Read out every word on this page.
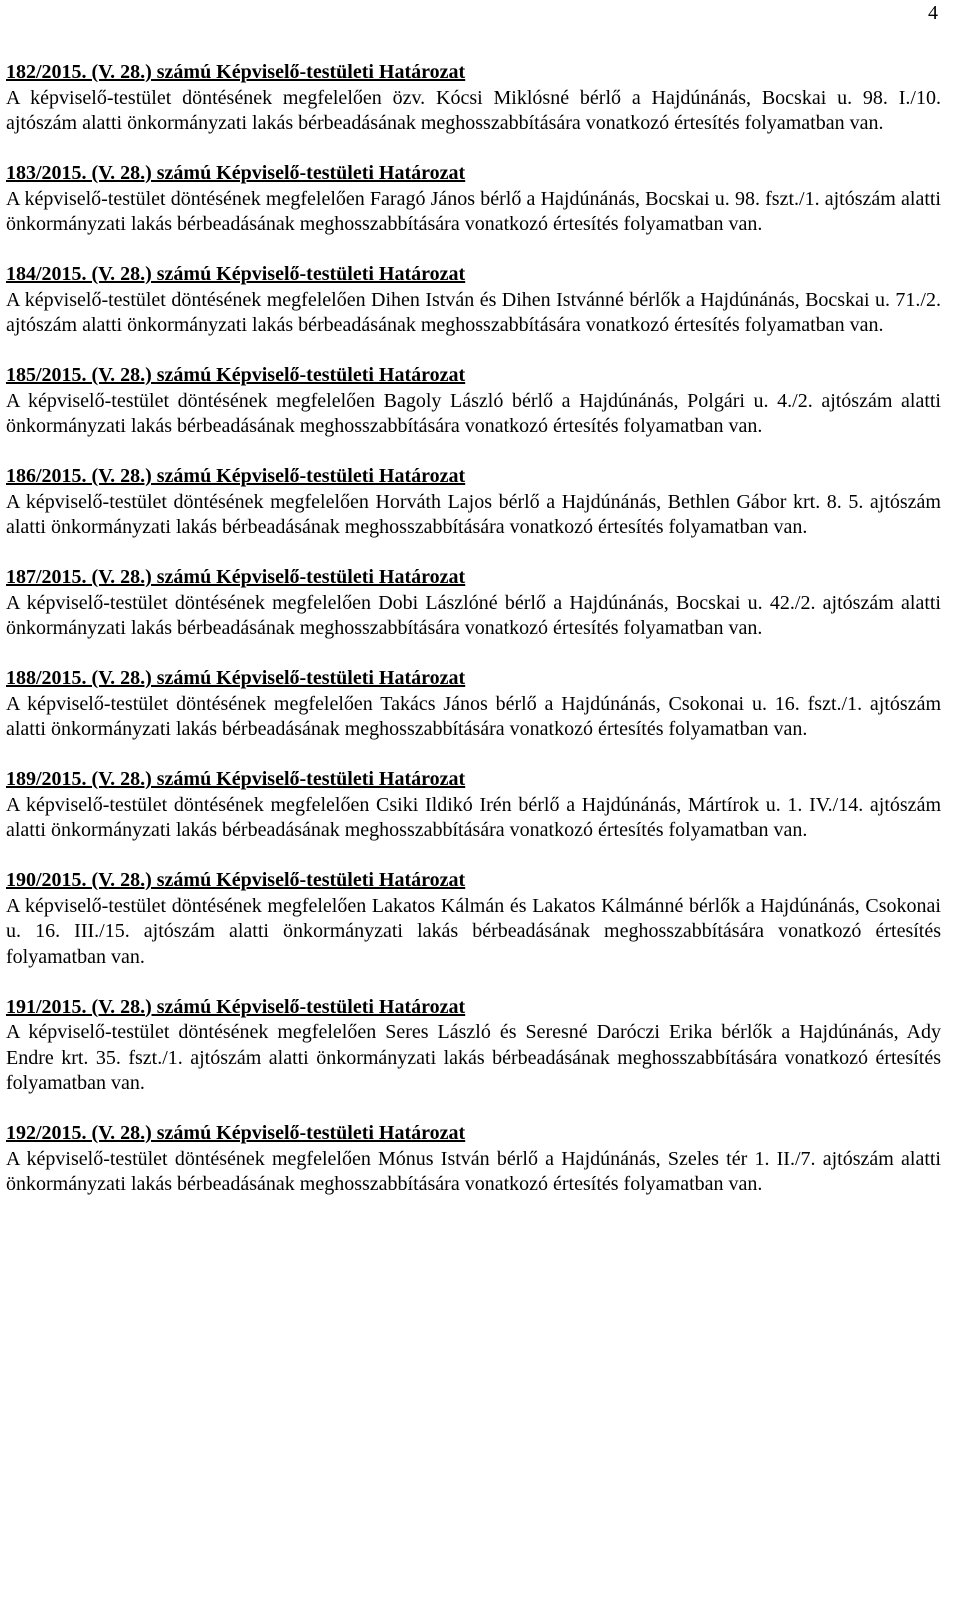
4

182/2015. (V. 28.) számú Képviselő-testületi Határozat

A képviselő-testület döntésének megfelelően özv. Kócsi Miklósné bérlő a Hajdúnánás, Bocskai u. 98. I./10. ajtószám alatti önkormányzati lakás bérbeadásának meghosszabbítására vonatkozó értesítés folyamatban van.

183/2015. (V. 28.) számú Képviselő-testületi Határozat

A képviselő-testület döntésének megfelelően Faragó János bérlő a Hajdúnánás, Bocskai u. 98. fszt./1. ajtószám alatti önkormányzati lakás bérbeadásának meghosszabbítására vonatkozó értesítés folyamatban van.

184/2015. (V. 28.) számú Képviselő-testületi Határozat

A képviselő-testület döntésének megfelelően Dihen István és Dihen Istvánné bérlők a Hajdúnánás, Bocskai u. 71./2. ajtószám alatti önkormányzati lakás bérbeadásának meghosszabbítására vonatkozó értesítés folyamatban van.

185/2015. (V. 28.) számú Képviselő-testületi Határozat

A képviselő-testület döntésének megfelelően Bagoly László bérlő a Hajdúnánás, Polgári u. 4./2. ajtószám alatti önkormányzati lakás bérbeadásának meghosszabbítására vonatkozó értesítés folyamatban van.

186/2015. (V. 28.) számú Képviselő-testületi Határozat

A képviselő-testület döntésének megfelelően Horváth Lajos bérlő a Hajdúnánás, Bethlen Gábor krt. 8. 5. ajtószám alatti önkormányzati lakás bérbeadásának meghosszabbítására vonatkozó értesítés folyamatban van.

187/2015. (V. 28.) számú Képviselő-testületi Határozat

A képviselő-testület döntésének megfelelően Dobi Lászlóné bérlő a Hajdúnánás, Bocskai u. 42./2. ajtószám alatti önkormányzati lakás bérbeadásának meghosszabbítására vonatkozó értesítés folyamatban van.

188/2015. (V. 28.) számú Képviselő-testületi Határozat

A képviselő-testület döntésének megfelelően Takács János bérlő a Hajdúnánás, Csokonai u. 16. fszt./1. ajtószám alatti önkormányzati lakás bérbeadásának meghosszabbítására vonatkozó értesítés folyamatban van.

189/2015. (V. 28.) számú Képviselő-testületi Határozat

A képviselő-testület döntésének megfelelően Csiki Ildikó Irén bérlő a Hajdúnánás, Mártírok u. 1. IV./14. ajtószám alatti önkormányzati lakás bérbeadásának meghosszabbítására vonatkozó értesítés folyamatban van.

190/2015. (V. 28.) számú Képviselő-testületi Határozat

A képviselő-testület döntésének megfelelően Lakatos Kálmán és Lakatos Kálmánné bérlők a Hajdúnánás, Csokonai u. 16. III./15. ajtószám alatti önkormányzati lakás bérbeadásának meghosszabbítására vonatkozó értesítés folyamatban van.

191/2015. (V. 28.) számú Képviselő-testületi Határozat

A képviselő-testület döntésének megfelelően Seres László és Seresné Daróczi Erika bérlők a Hajdúnánás, Ady Endre krt. 35. fszt./1. ajtószám alatti önkormányzati lakás bérbeadásának meghosszabbítására vonatkozó értesítés folyamatban van.

192/2015. (V. 28.) számú Képviselő-testületi Határozat

A képviselő-testület döntésének megfelelően Mónus István bérlő a Hajdúnánás, Szeles tér 1. II./7. ajtószám alatti önkormányzati lakás bérbeadásának meghosszabbítására vonatkozó értesítés folyamatban van.
